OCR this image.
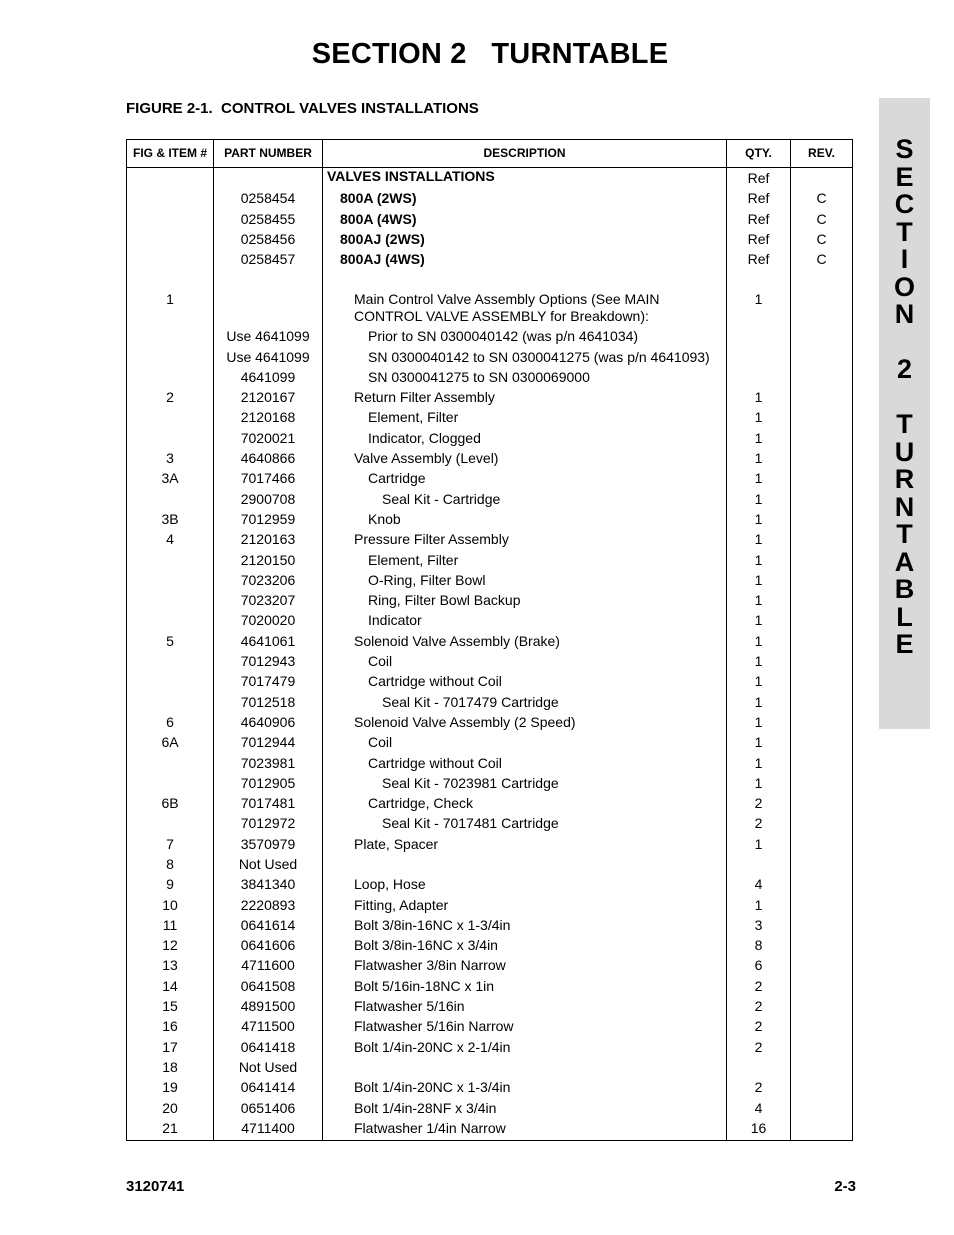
SECTION 2   TURNTABLE
FIGURE 2-1.  CONTROL VALVES INSTALLATIONS
FIG & ITEM #	PART NUMBER	DESCRIPTION	QTY.	REV.

		VALVES INSTALLATIONS	Ref	
	0258454	800A (2WS)	Ref	C
	0258455	800A (4WS)	Ref	C
	0258456	800AJ (2WS)	Ref	C
	0258457	800AJ (4WS)	Ref	C

1		Main Control Valve Assembly Options (See MAIN
CONTROL VALVE ASSEMBLY for Breakdown):	1	
	Use 4641099	Prior to SN 0300040142 (was p/n 4641034)		

	Use 4641099	SN 0300040142 to SN 0300041275 (was p/n 4641093)		

	4641099	SN 0300041275 to SN 0300069000		

2	2120167	Return Filter Assembly	1	
	2120168	Element, Filter	1	
	7020021	Indicator, Clogged	1	
3	4640866	Valve Assembly (Level)	1	
3A	7017466	Cartridge	1	
	2900708	Seal Kit - Cartridge	1	
3B	7012959	Knob	1	
4	2120163	Pressure Filter Assembly	1	
	2120150	Element, Filter	1	
	7023206	O-Ring, Filter Bowl	1	
	7023207	Ring, Filter Bowl Backup	1	
	7020020	Indicator	1	
5	4641061	Solenoid Valve Assembly (Brake)	1	
	7012943	Coil	1	
	7017479	Cartridge without Coil	1	
	7012518	Seal Kit - 7017479 Cartridge	1	
6	4640906	Solenoid Valve Assembly (2 Speed)	1	
6A	7012944	Coil	1	
	7023981	Cartridge without Coil	1	
	7012905	Seal Kit - 7023981 Cartridge	1	
6B	7017481	Cartridge, Check	2	
	7012972	Seal Kit - 7017481 Cartridge	2	
7	3570979	Plate, Spacer	1	
8	Not Used	

9	3841340	Loop, Hose	4	
10	2220893	Fitting, Adapter	1	
11	0641614	Bolt 3/8in-16NC x 1-3/4in	3	
12	0641606	Bolt 3/8in-16NC x 3/4in	8	
13	4711600	Flatwasher 3/8in Narrow	6	
14	0641508	Bolt 5/16in-18NC x 1in	2	
15	4891500	Flatwasher 5/16in	2	
16	4711500	Flatwasher 5/16in Narrow	2	
17	0641418	Bolt 1/4in-20NC x 2-1/4in	2	
18	Not Used	

19	0641414	Bolt 1/4in-20NC x 1-3/4in	2	
20	0651406	Bolt 1/4in-28NF x 3/4in	4	
21	4711400	Flatwasher 1/4in Narrow	16	
S
E
C
T
I
O
N
2
T
U
R
N
T
A
B
L
E
3120741	2-3
